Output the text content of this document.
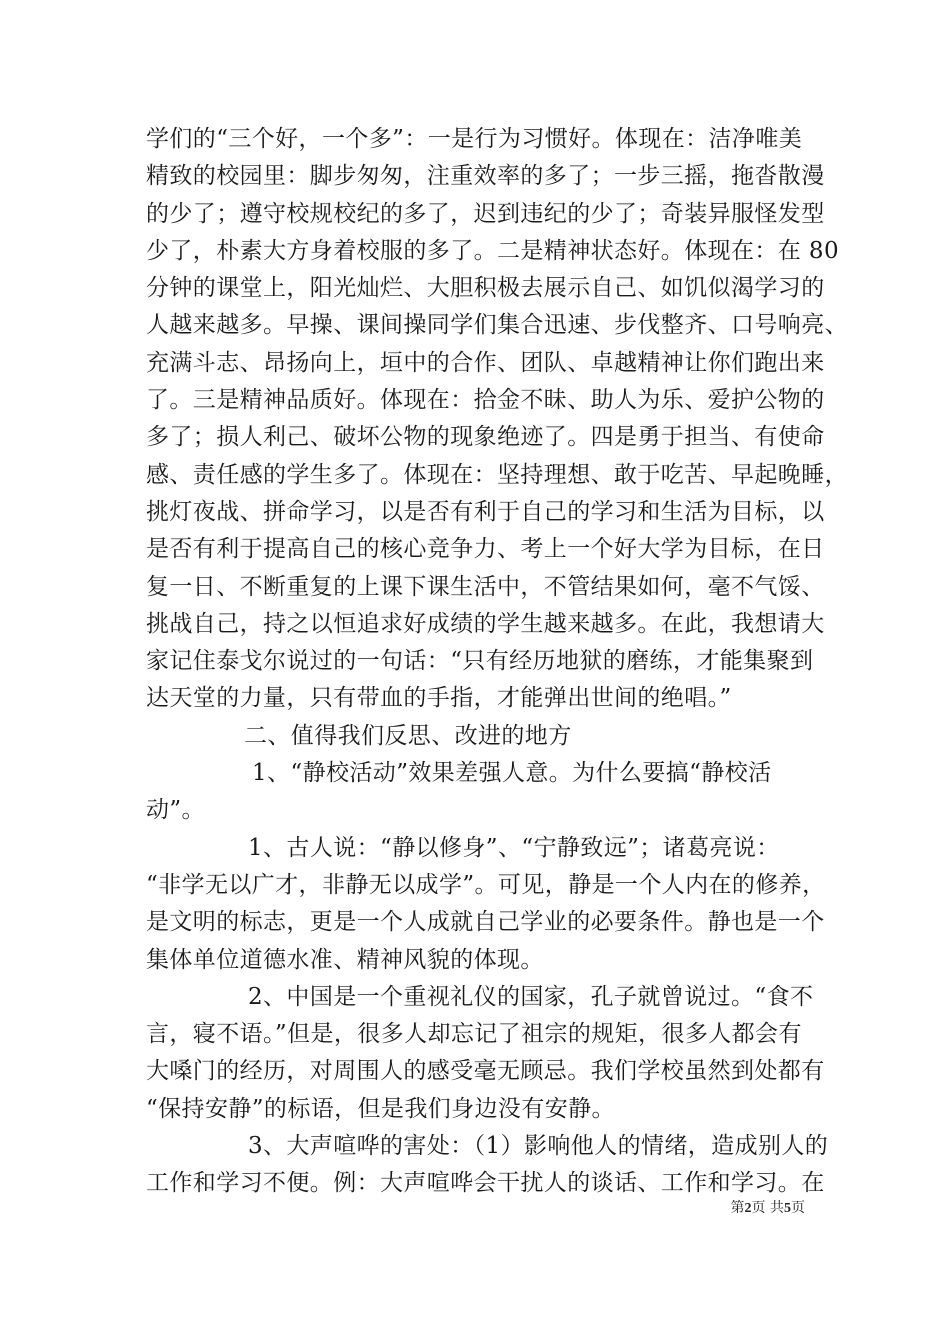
学们的“三个好，一个多”：一是行为习惯好。体现在：洁净唯美
精致的校园里：脚步匆匆，注重效率的多了；一步三摇，拖沓散漫
的少了；遵守校规校纪的多了，迟到违纪的少了；奇装异服怪发型
少了，朴素大方身着校服的多了。二是精神状态好。体现在：在 80
分钟的课堂上，阳光灿烂、大胆积极去展示自己、如饥似渴学习的
人越来越多。早操、课间操同学们集合迅速、步伐整齐、口号响亮、
充满斗志、昂扬向上，垣中的合作、团队、卓越精神让你们跑出来
了。三是精神品质好。体现在：拾金不昧、助人为乐、爱护公物的
多了；损人利己、破坏公物的现象绝迹了。四是勇于担当、有使命
感、责任感的学生多了。体现在：坚持理想、敢于吃苦、早起晚睡，
挑灯夜战、拼命学习，以是否有利于自己的学习和生活为目标，以
是否有利于提高自己的核心竞争力、考上一个好大学为目标，在日
复一日、不断重复的上课下课生活中，不管结果如何，毫不气馁、
挑战自己，持之以恒追求好成绩的学生越来越多。在此，我想请大
家记住泰戈尔说过的一句话：“只有经历地狱的磨练，才能集聚到
达天堂的力量，只有带血的手指，才能弹出世间的绝唱。”
二、值得我们反思、改进的地方
1、“静校活动”效果差强人意。为什么要搞“静校活
动”。
1、古人说：“静以修身”、“宁静致远”；诸葛亮说：
“非学无以广才，非静无以成学”。可见，静是一个人内在的修养，
是文明的标志，更是一个人成就自己学业的必要条件。静也是一个
集体单位道德水准、精神风貌的体现。
2、中国是一个重视礼仪的国家，孔子就曾说过。“食不
言，寝不语。”但是，很多人却忘记了祖宗的规矩，很多人都会有
大嗓门的经历，对周围人的感受毫无顾忌。我们学校虽然到处都有
“保持安静”的标语，但是我们身边没有安静。
3、大声喧哗的害处：（1）影响他人的情绪，造成别人的
工作和学习不便。例：大声喧哗会干扰人的谈话、工作和学习。在
第2页 共5页
